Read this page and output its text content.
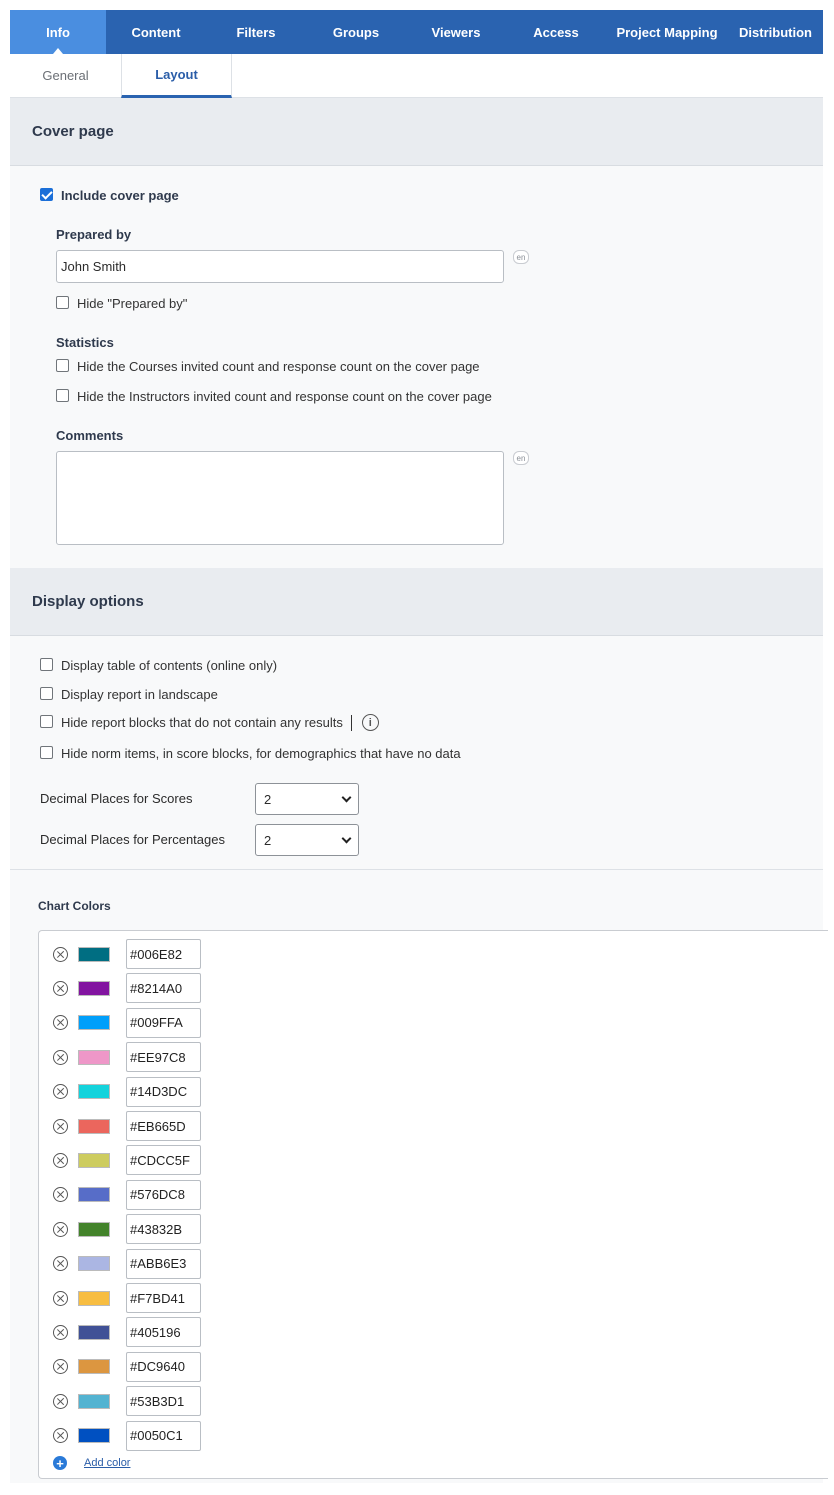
Info	Content	Filters	Groups	Viewers	Access	Project Mapping	Distribution
General	Layout
Cover page
Include cover page
Prepared by
John Smith
en
Hide "Prepared by"
Statistics
Hide the Courses invited count and response count on the cover page
Hide the Instructors invited count and response count on the cover page
Comments
en
Display options
Display table of contents (online only)
Display report in landscape
Hide report blocks that do not contain any results	i
Hide norm items, in score blocks, for demographics that have no data
Decimal Places for Scores	2
Decimal Places for Percentages	2
Chart Colors
#006E82
#8214A0
#009FFA
#EE97C8
#14D3DC
#EB665D
#CDCC5F
#576DC8
#43832B
#ABB6E3
#F7BD41
#405196
#DC9640
#53B3D1
#0050C1
+ Add color
